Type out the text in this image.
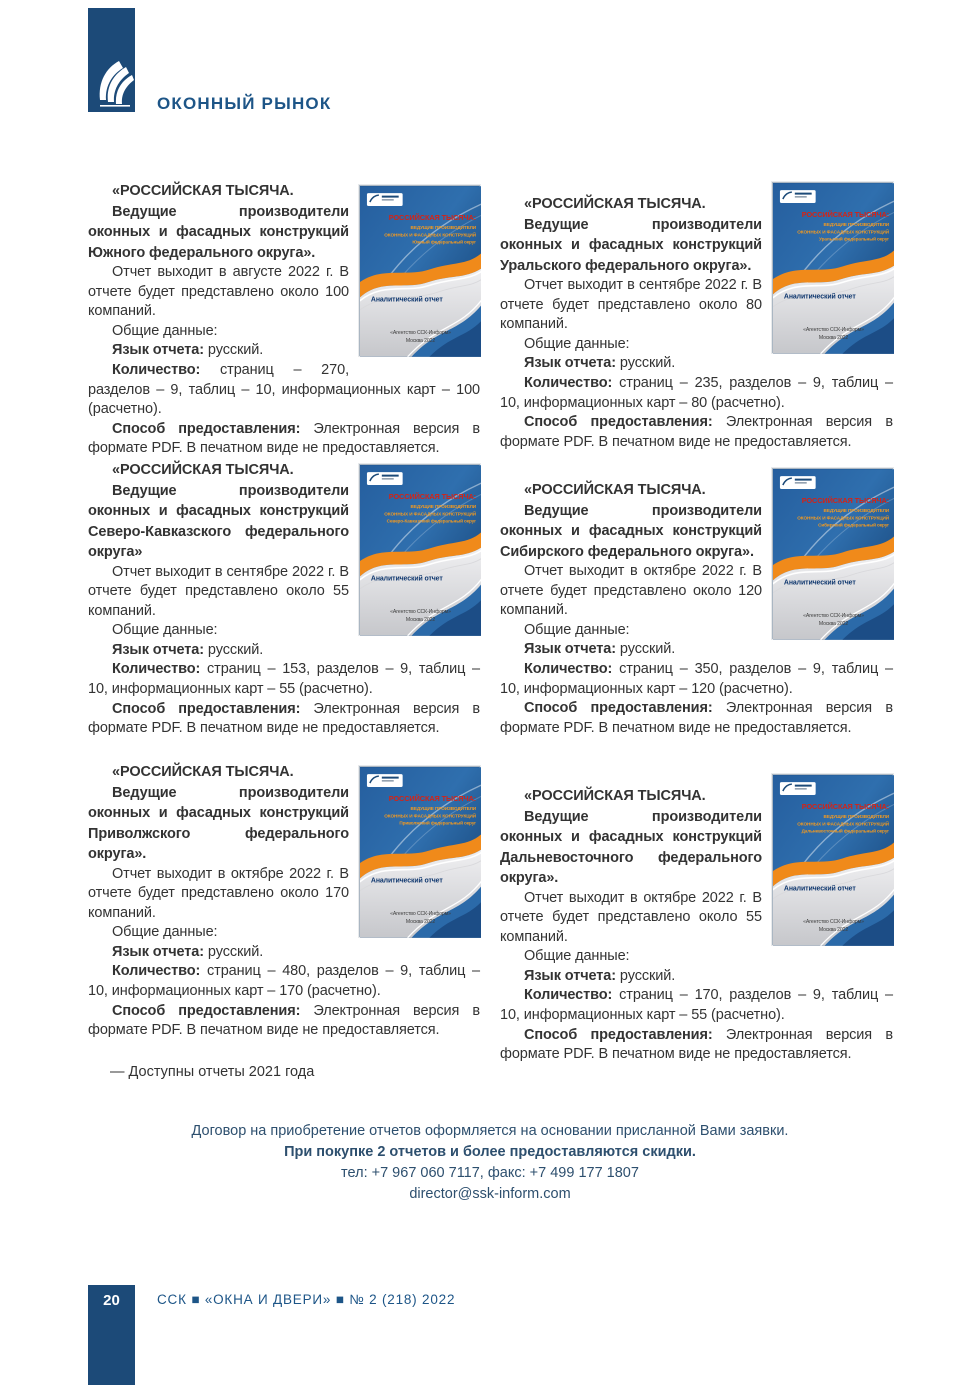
ОКОННЫЙ РЫНОК
РОССИЙСКАЯ ТЫСЯЧА:
ВЕДУЩИЕ ПРОИЗВОДИТЕЛИ
ОКОННЫХ И ФАСАДНЫХ КОНСТРУКЦИЙ
Южный федеральный округ
Аналитический отчет
«Агентство ССК-Информ»
Москва 2022

«РОССИЙСКАЯ ТЫСЯЧА.

Ведущие производители оконных и фасадных конструкций Южного федерального округа».

Отчет выходит в августе 2022 г. В отчете будет представлено около 100 компаний.

Общие данные:

Язык отчета: русский.

Количество: страниц – 270, разделов – 9, таблиц – 10, информационных карт – 100 (расчетно).

Способ предоставления: Электронная версия в формате PDF. В печатном виде не предоставляется.

РОССИЙСКАЯ ТЫСЯЧА:
ВЕДУЩИЕ ПРОИЗВОДИТЕЛИ
ОКОННЫХ И ФАСАДНЫХ КОНСТРУКЦИЙ
Уральский федеральный округ
Аналитический отчет
«Агентство ССК-Информ»
Москва 2022

«РОССИЙСКАЯ ТЫСЯЧА.

Ведущие производители оконных и фасадных конструкций Уральского федерального округа».

Отчет выходит в сентябре 2022 г. В отчете будет представлено около 80 компаний.

Общие данные:

Язык отчета: русский.

Количество: страниц – 235, разделов – 9, таблиц – 10, информационных карт – 80 (расчетно).

Способ предоставления: Электронная версия в формате PDF. В печатном виде не предоставляется.

РОССИЙСКАЯ ТЫСЯЧА:
ВЕДУЩИЕ ПРОИЗВОДИТЕЛИ
ОКОННЫХ И ФАСАДНЫХ КОНСТРУКЦИЙ
Северо-Кавказский федеральный округ
Аналитический отчет
«Агентство ССК-Информ»
Москва 2022

«РОССИЙСКАЯ ТЫСЯЧА.

Ведущие производители оконных и фасадных конструкций Северо-Кавказского федерального округа»

Отчет выходит в сентябре 2022 г. В отчете будет представлено около 55 компаний.

Общие данные:

Язык отчета: русский.

Количество: страниц – 153, разделов – 9, таблиц – 10, информационных карт – 55 (расчетно).

Способ предоставления: Электронная версия в формате PDF. В печатном виде не предоставляется.

РОССИЙСКАЯ ТЫСЯЧА:
ВЕДУЩИЕ ПРОИЗВОДИТЕЛИ
ОКОННЫХ И ФАСАДНЫХ КОНСТРУКЦИЙ
Сибирский федеральный округ
Аналитический отчет
«Агентство ССК-Информ»
Москва 2022

«РОССИЙСКАЯ ТЫСЯЧА.

Ведущие производители оконных и фасадных конструкций Сибирского федерального округа».

Отчет выходит в октябре 2022 г. В отчете будет представлено около 120 компаний.

Общие данные:

Язык отчета: русский.

Количество: страниц – 350, разделов – 9, таблиц – 10, информационных карт – 120 (расчетно).

Способ предоставления: Электронная версия в формате PDF. В печатном виде не предоставляется.

РОССИЙСКАЯ ТЫСЯЧА:
ВЕДУЩИЕ ПРОИЗВОДИТЕЛИ
ОКОННЫХ И ФАСАДНЫХ КОНСТРУКЦИЙ
Приволжский федеральный округ
Аналитический отчет
«Агентство ССК-Информ»
Москва 2022

«РОССИЙСКАЯ ТЫСЯЧА.

Ведущие производители оконных и фасадных конструкций Приволжского федерального округа».

Отчет выходит в октябре 2022 г. В отчете будет представлено около 170 компаний.

Общие данные:

Язык отчета: русский.

Количество: страниц – 480, разделов – 9, таблиц – 10, информационных карт – 170 (расчетно).

Способ предоставления: Электронная версия в формате PDF. В печатном виде не предоставляется.

РОССИЙСКАЯ ТЫСЯЧА:
ВЕДУЩИЕ ПРОИЗВОДИТЕЛИ
ОКОННЫХ И ФАСАДНЫХ КОНСТРУКЦИЙ
Дальневосточный федеральный округ
Аналитический отчет
«Агентство ССК-Информ»
Москва 2022

«РОССИЙСКАЯ ТЫСЯЧА.

Ведущие производители оконных и фасадных конструкций Дальневосточного федерального округа».

Отчет выходит в октябре 2022 г. В отчете будет представлено около 55 компаний.

Общие данные:

Язык отчета: русский.

Количество: страниц – 170, разделов – 9, таблиц – 10, информационных карт – 55 (расчетно).

Способ предоставления: Электронная версия в формате PDF. В печатном виде не предоставляется.

— Доступны отчеты 2021 года
Договор на приобретение отчетов оформляется на основании присланной Вами заявки.
При покупке 2 отчетов и более предоставляются скидки.
тел: +7 967 060 7117, факс: +7 499 177 1807
director@ssk-inform.com
20	ССК ■ «ОКНА И ДВЕРИ» ■ № 2 (218) 2022
